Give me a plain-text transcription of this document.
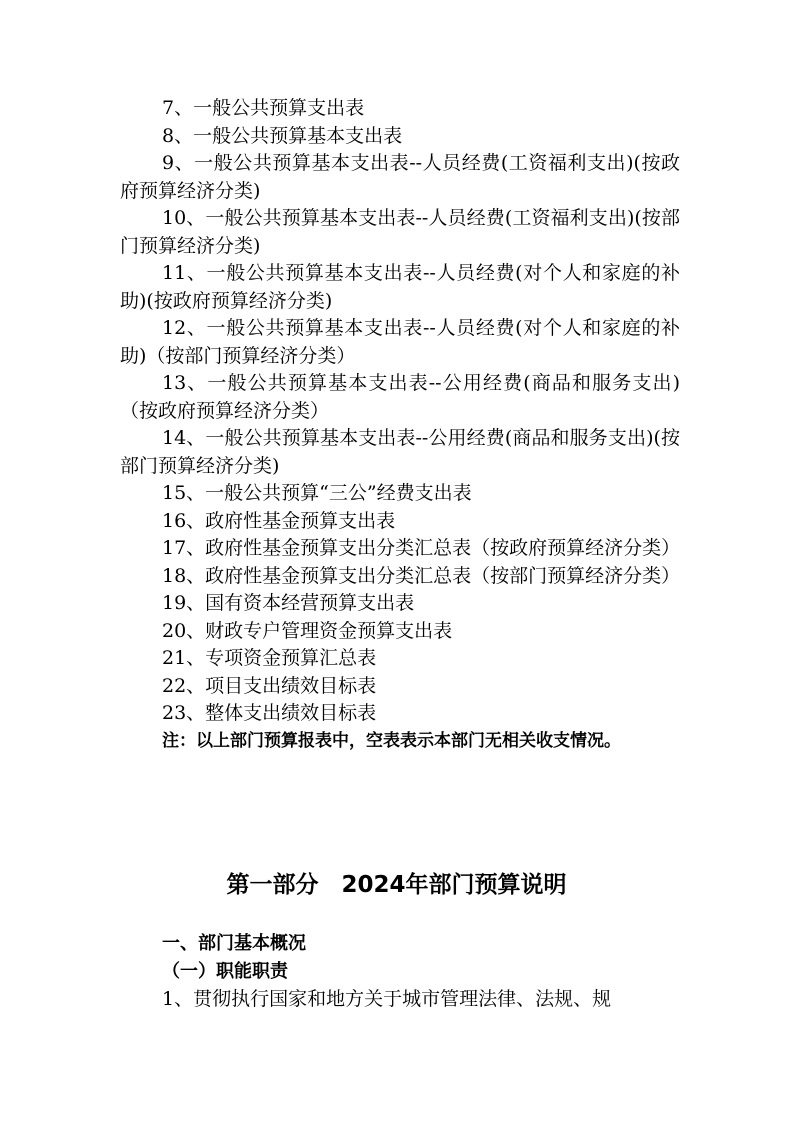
7、一般公共预算支出表

8、一般公共预算基本支出表

9、一般公共预算基本支出表--人员经费(工资福利支出)(按政府预算经济分类)

10、一般公共预算基本支出表--人员经费(工资福利支出)(按部门预算经济分类)

11、一般公共预算基本支出表--人员经费(对个人和家庭的补助)(按政府预算经济分类)

12、一般公共预算基本支出表--人员经费(对个人和家庭的补助)（按部门预算经济分类）

13、一般公共预算基本支出表--公用经费(商品和服务支出)（按政府预算经济分类）

14、一般公共预算基本支出表--公用经费(商品和服务支出)(按部门预算经济分类)

15、一般公共预算“三公”经费支出表

16、政府性基金预算支出表

17、政府性基金预算支出分类汇总表（按政府预算经济分类）

18、政府性基金预算支出分类汇总表（按部门预算经济分类）

19、国有资本经营预算支出表

20、财政专户管理资金预算支出表

21、专项资金预算汇总表

22、项目支出绩效目标表

23、整体支出绩效目标表

注：以上部门预算报表中，空表表示本部门无相关收支情况。

第一部分　2024年部门预算说明
一、部门基本概况
（一）职能职责

1、贯彻执行国家和地方关于城市管理法律、法规、规
